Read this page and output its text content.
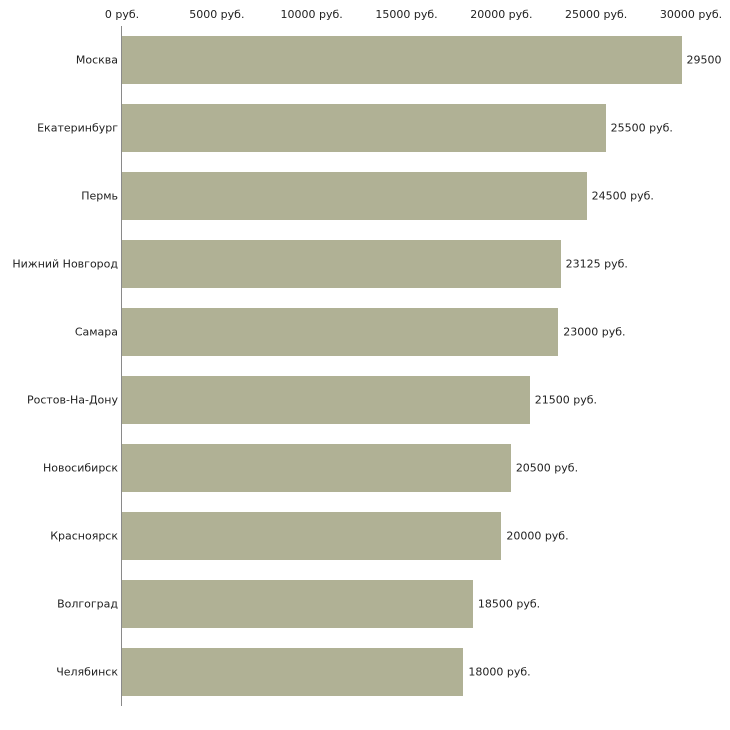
0 руб.	5000 руб.	10000 руб.	15000 руб.	20000 руб.	25000 руб.	30000 руб.
Москва	29500
Екатеринбург	25500 руб.
Пермь	24500 руб.
Нижний Новгород	23125 руб.
Самара	23000 руб.
Ростов-На-Дону	21500 руб.
Новосибирск	20500 руб.
Красноярск	20000 руб.
Волгоград	18500 руб.
Челябинск	18000 руб.
